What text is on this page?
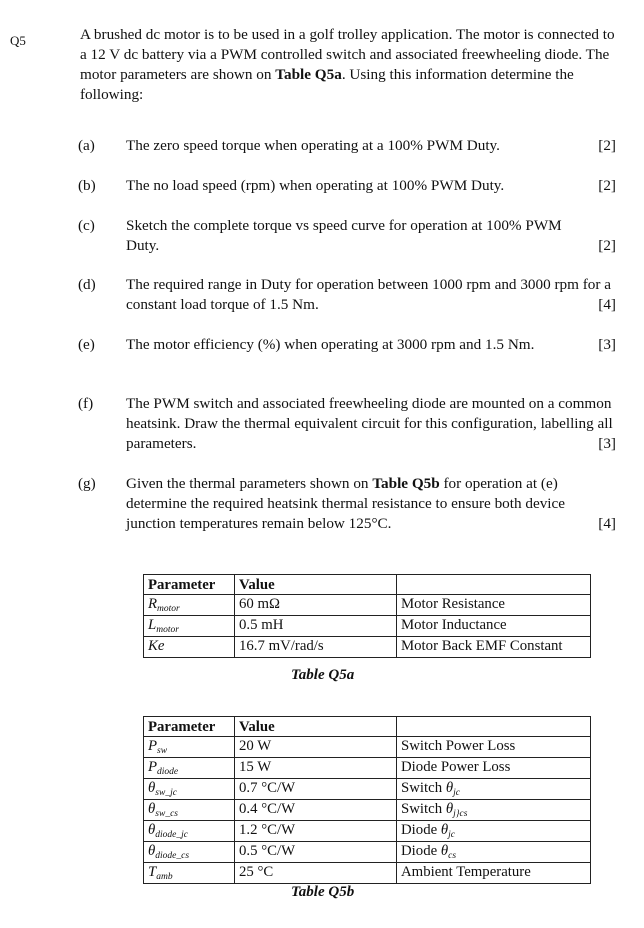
Q5	A brushed dc motor is to be used in a golf trolley application. The motor is connected to a 12 V dc battery via a PWM controlled switch and associated freewheeling diode. The motor parameters are shown on Table Q5a. Using this information determine the following:

(a) The zero speed torque when operating at a 100% PWM Duty.	[2]
(b) The no load speed (rpm) when operating at 100% PWM Duty.	[2]
(c) Sketch the complete torque vs speed curve for operation at 100% PWM Duty.	[2]
(d) The required range in Duty for operation between 1000 rpm and 3000 rpm for a constant load torque of 1.5 Nm.	[4]
(e) The motor efficiency (%) when operating at 3000 rpm and 1.5 Nm.	[3]
(f) The PWM switch and associated freewheeling diode are mounted on a common heatsink. Draw the thermal equivalent circuit for this configuration, labelling all parameters.	[3]
(g) Given the thermal parameters shown on Table Q5b for operation at (e) determine the required heatsink thermal resistance to ensure both device junction temperatures remain below 125°C.	[4]
Parameter	Value	
$R_{motor}$	60 mΩ	Motor Resistance
$L_{motor}$	0.5 mH	Motor Inductance
Ke	16.7 mV/rad/s	Motor Back EMF Constant
Table Q5a
Parameter	Value	
$P_{sw}$	20 W	Switch Power Loss
$P_{diode}$	15 W	Diode Power Loss
$\theta_{sw\_jc}$	0.7 °C/W	Switch $\theta_{jc}$
$\theta_{sw\_cs}$	0.4 °C/W	Switch $\theta_{j\}cs}$
$\theta_{diode\_jc}$	1.2 °C/W	Diode $\theta_{jc}$
$\theta_{diode\_cs}$	0.5 °C/W	Diode $\theta_{cs}$
$T_{amb}$	25 °C	Ambient Temperature
Table Q5b
